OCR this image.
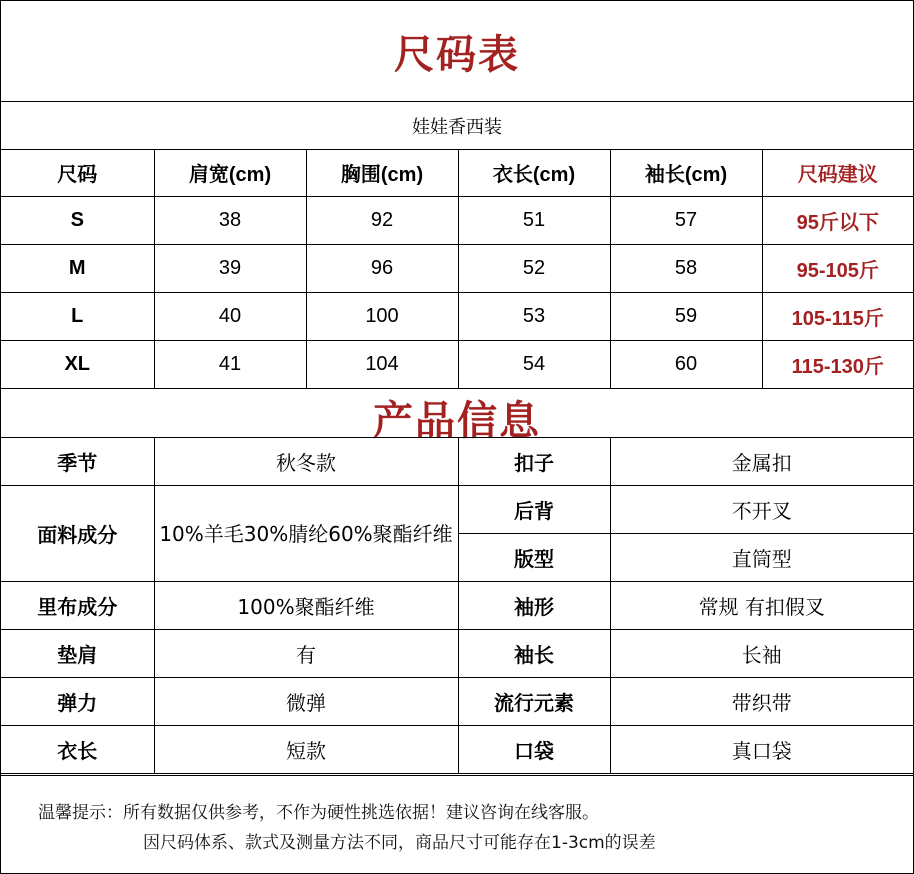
尺码表
娃娃香西装
尺码	肩宽(cm)	胸围(cm)	衣长(cm)	袖长(cm)	尺码建议
S	38	92	51	57	95斤以下
M	39	96	52	58	95-105斤
L	40	100	53	59	105-115斤
XL	41	104	54	60	115-130斤
产品信息
季节	秋冬款	扣子	金属扣
面料成分	10%羊毛30%腈纶60%聚酯纤维	后背	不开叉
		版型	直筒型
里布成分	100%聚酯纤维	袖形	常规 有扣假叉
垫肩	有	袖长	长袖
弹力	微弹	流行元素	带织带
衣长	短款	口袋	真口袋
温馨提示：所有数据仅供参考，不作为硬性挑选依据！建议咨询在线客服。
因尺码体系、款式及测量方法不同，商品尺寸可能存在1-3cm的误差
